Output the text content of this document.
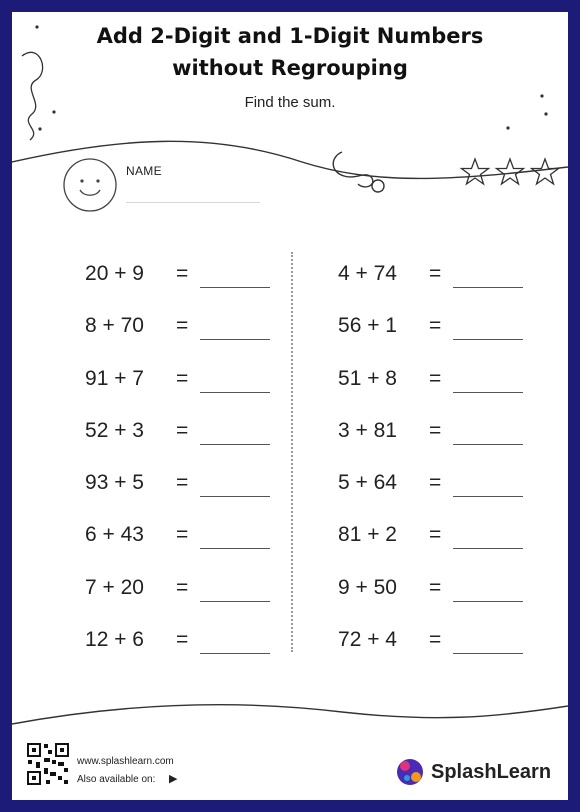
Add 2-Digit and 1-Digit Numbers
without Regrouping
Find the sum.
NAME
20 + 9 =
8 + 70 =
91 + 7 =
52 + 3 =
93 + 5 =
6 + 43 =
7 + 20 =
12 + 6 =
4 + 74 =
56 + 1 =
51 + 8 =
3 + 81 =
5 + 64 =
81 + 2 =
9 + 50 =
72 + 4 =
www.splashlearn.com
Also available on: ▶	SplashLearn
